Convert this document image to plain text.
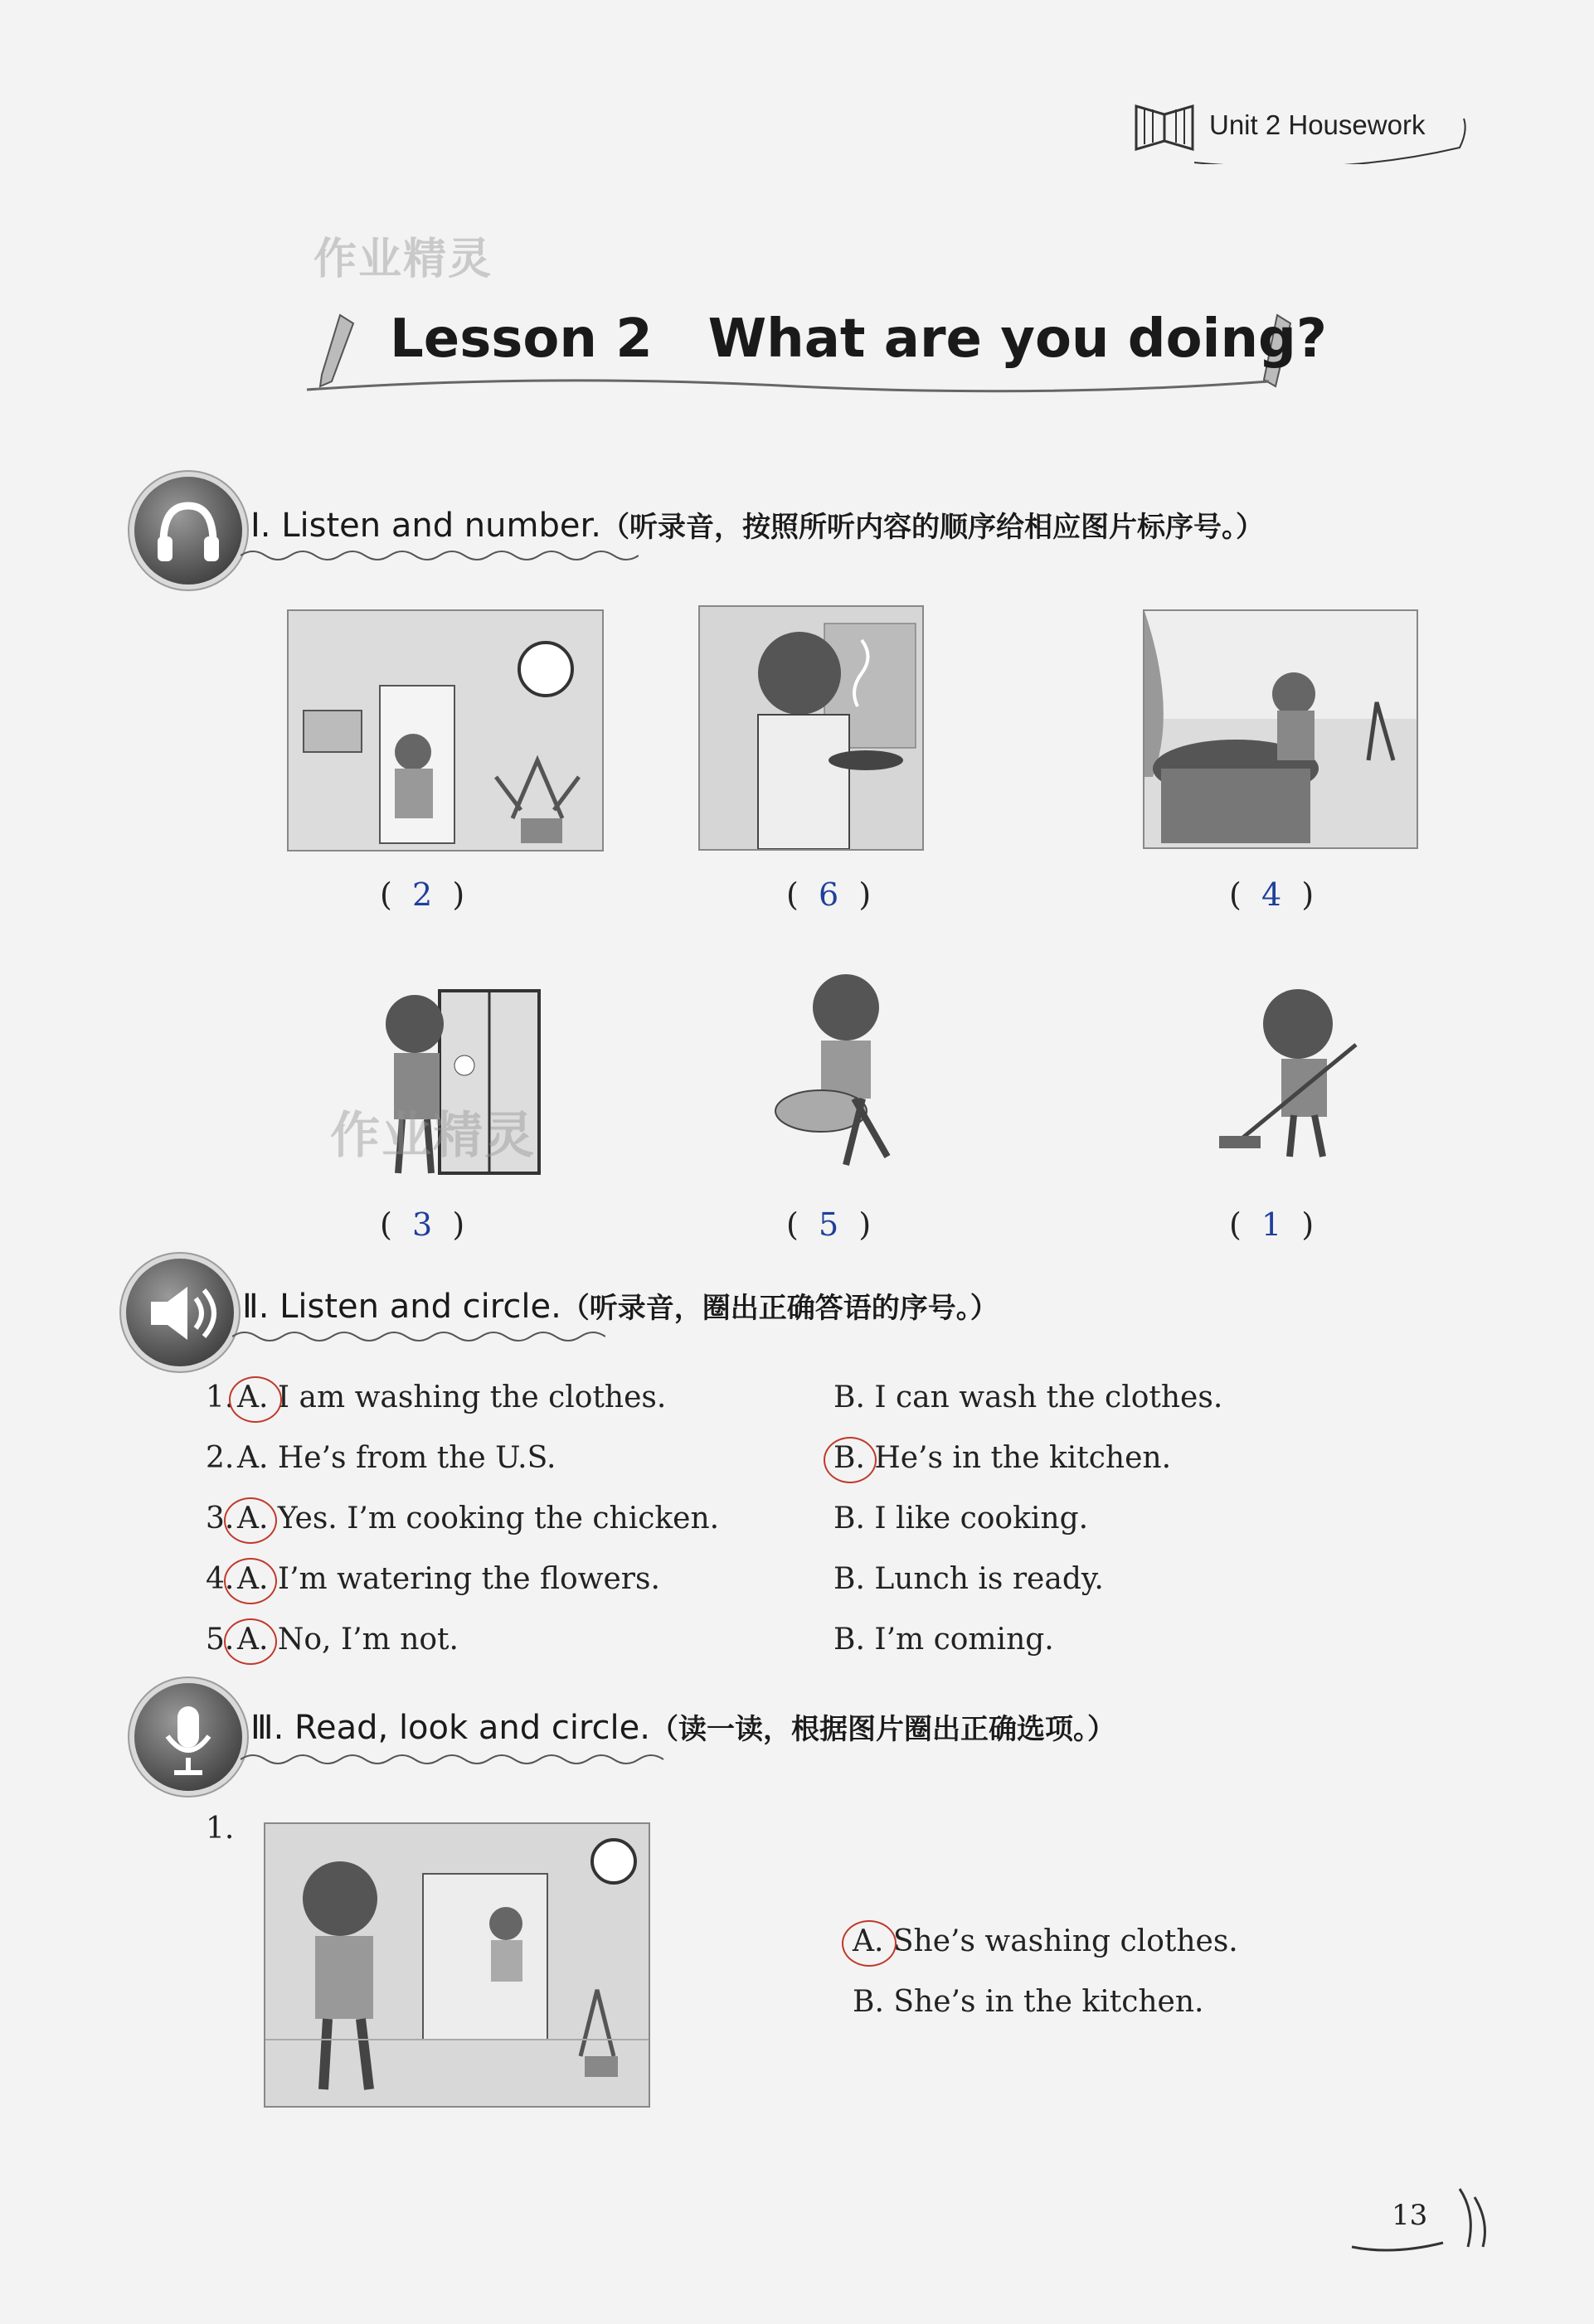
Unit 2 Housework
作业精灵
Lesson 2   What are you doing?
Ⅰ. Listen and number.（听录音，按照所听内容的顺序给相应图片标序号。）
(  2  )	(  6  )	(  4  )
作业精灵
(  3  )	(  5  )	(  1  )
Ⅱ. Listen and circle.（听录音，圈出正确答语的序号。）
1. A. I am washing the clothes.	B. I can wash the clothes.
2. A. He’s from the U.S.	B. He’s in the kitchen.
3. A. Yes. I’m cooking the chicken.	B. I like cooking.
4. A. I’m watering the flowers.	B. Lunch is ready.
5. A. No, I’m not.	B. I’m coming.
Ⅲ. Read, look and circle.（读一读，根据图片圈出正确选项。）
1.
A. She’s washing clothes.
B. She’s in the kitchen.
13
